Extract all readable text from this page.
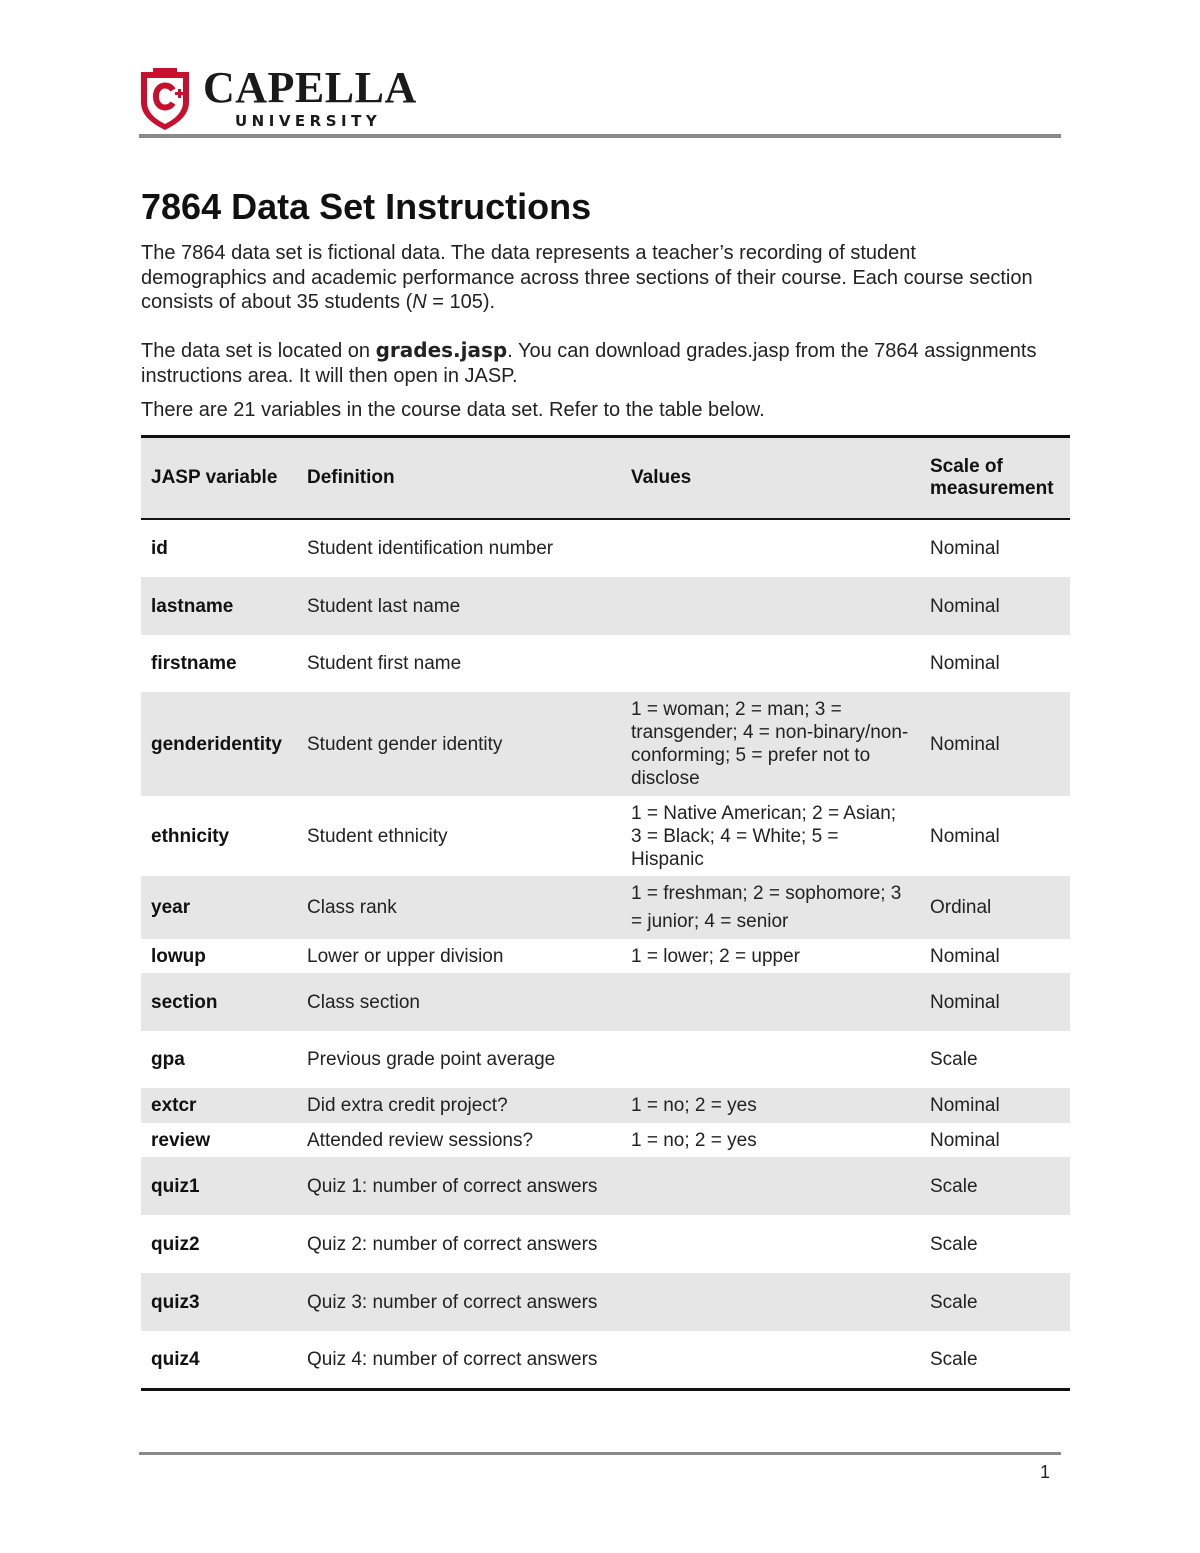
CAPELLA
UNIVERSITY
7864 Data Set Instructions

The 7864 data set is fictional data. The data represents a teacher’s recording of student demographics and academic performance across three sections of their course. Each course section consists of about 35 students (N = 105).

The data set is located on grades.jasp. You can download grades.jasp from the 7864 assignments instructions area. It will then open in JASP.

There are 21 variables in the course data set. Refer to the table below.

JASP variable	Definition	Values	Scale of measurement
id	Student identification number		Nominal
lastname	Student last name		Nominal
firstname	Student first name		Nominal
genderidentity	Student gender identity	1 = woman; 2 = man; 3 = transgender; 4 = non-binary/non-conforming; 5 = prefer not to disclose	Nominal
ethnicity	Student ethnicity	1 = Native American; 2 = Asian; 3 = Black; 4 = White; 5 = Hispanic	Nominal
year	Class rank	1 = freshman; 2 = sophomore; 3 = junior; 4 = senior	Ordinal
lowup	Lower or upper division	1 = lower; 2 = upper	Nominal
section	Class section		Nominal
gpa	Previous grade point average		Scale
extcr	Did extra credit project?	1 = no; 2 = yes	Nominal
review	Attended review sessions?	1 = no; 2 = yes	Nominal
quiz1	Quiz 1: number of correct answers		Scale
quiz2	Quiz 2: number of correct answers		Scale
quiz3	Quiz 3: number of correct answers		Scale
quiz4	Quiz 4: number of correct answers		Scale
1
